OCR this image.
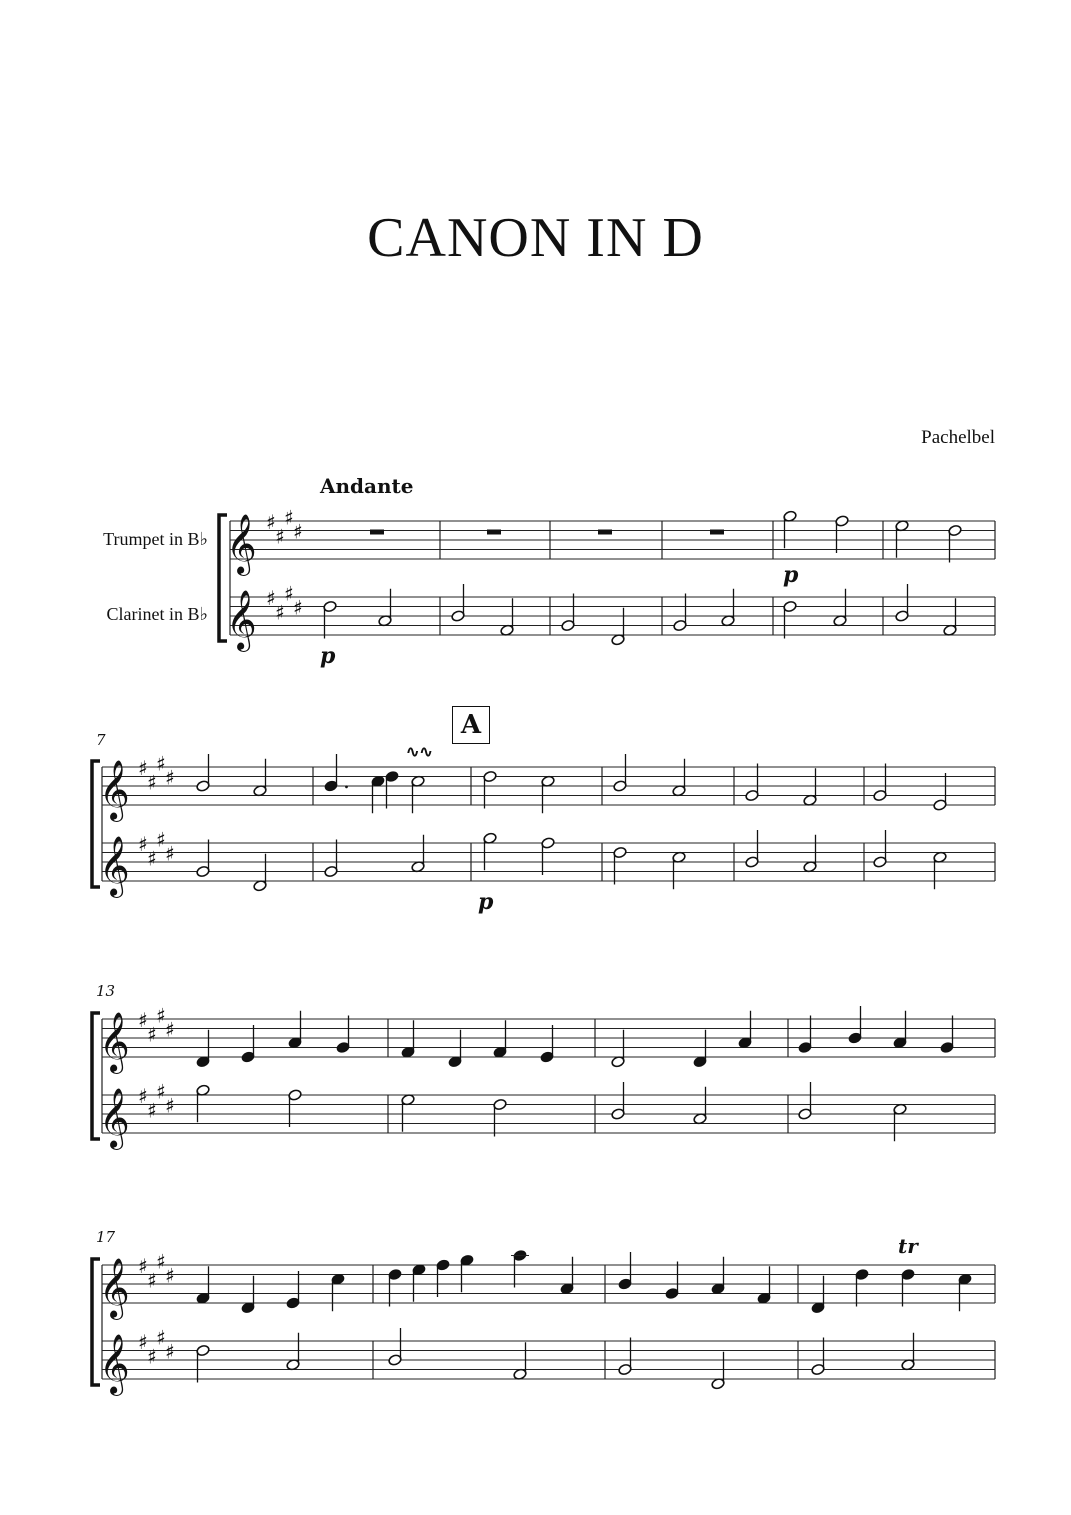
CANON IN D
Pachelbel
Andante
Trumpet in B♭
Clarinet in B♭
A
𝄞
𝄞
♯
♯
♯
♯
♯
♯
♯
♯
p
p
𝄞
𝄞
♯
♯
♯
♯
♯
♯
♯
♯
7
.
∿∿
p
𝄞
𝄞
♯
♯
♯
♯
♯
♯
♯
♯
13
𝄞
𝄞
♯
♯
♯
♯
♯
♯
♯
♯
17	tr
